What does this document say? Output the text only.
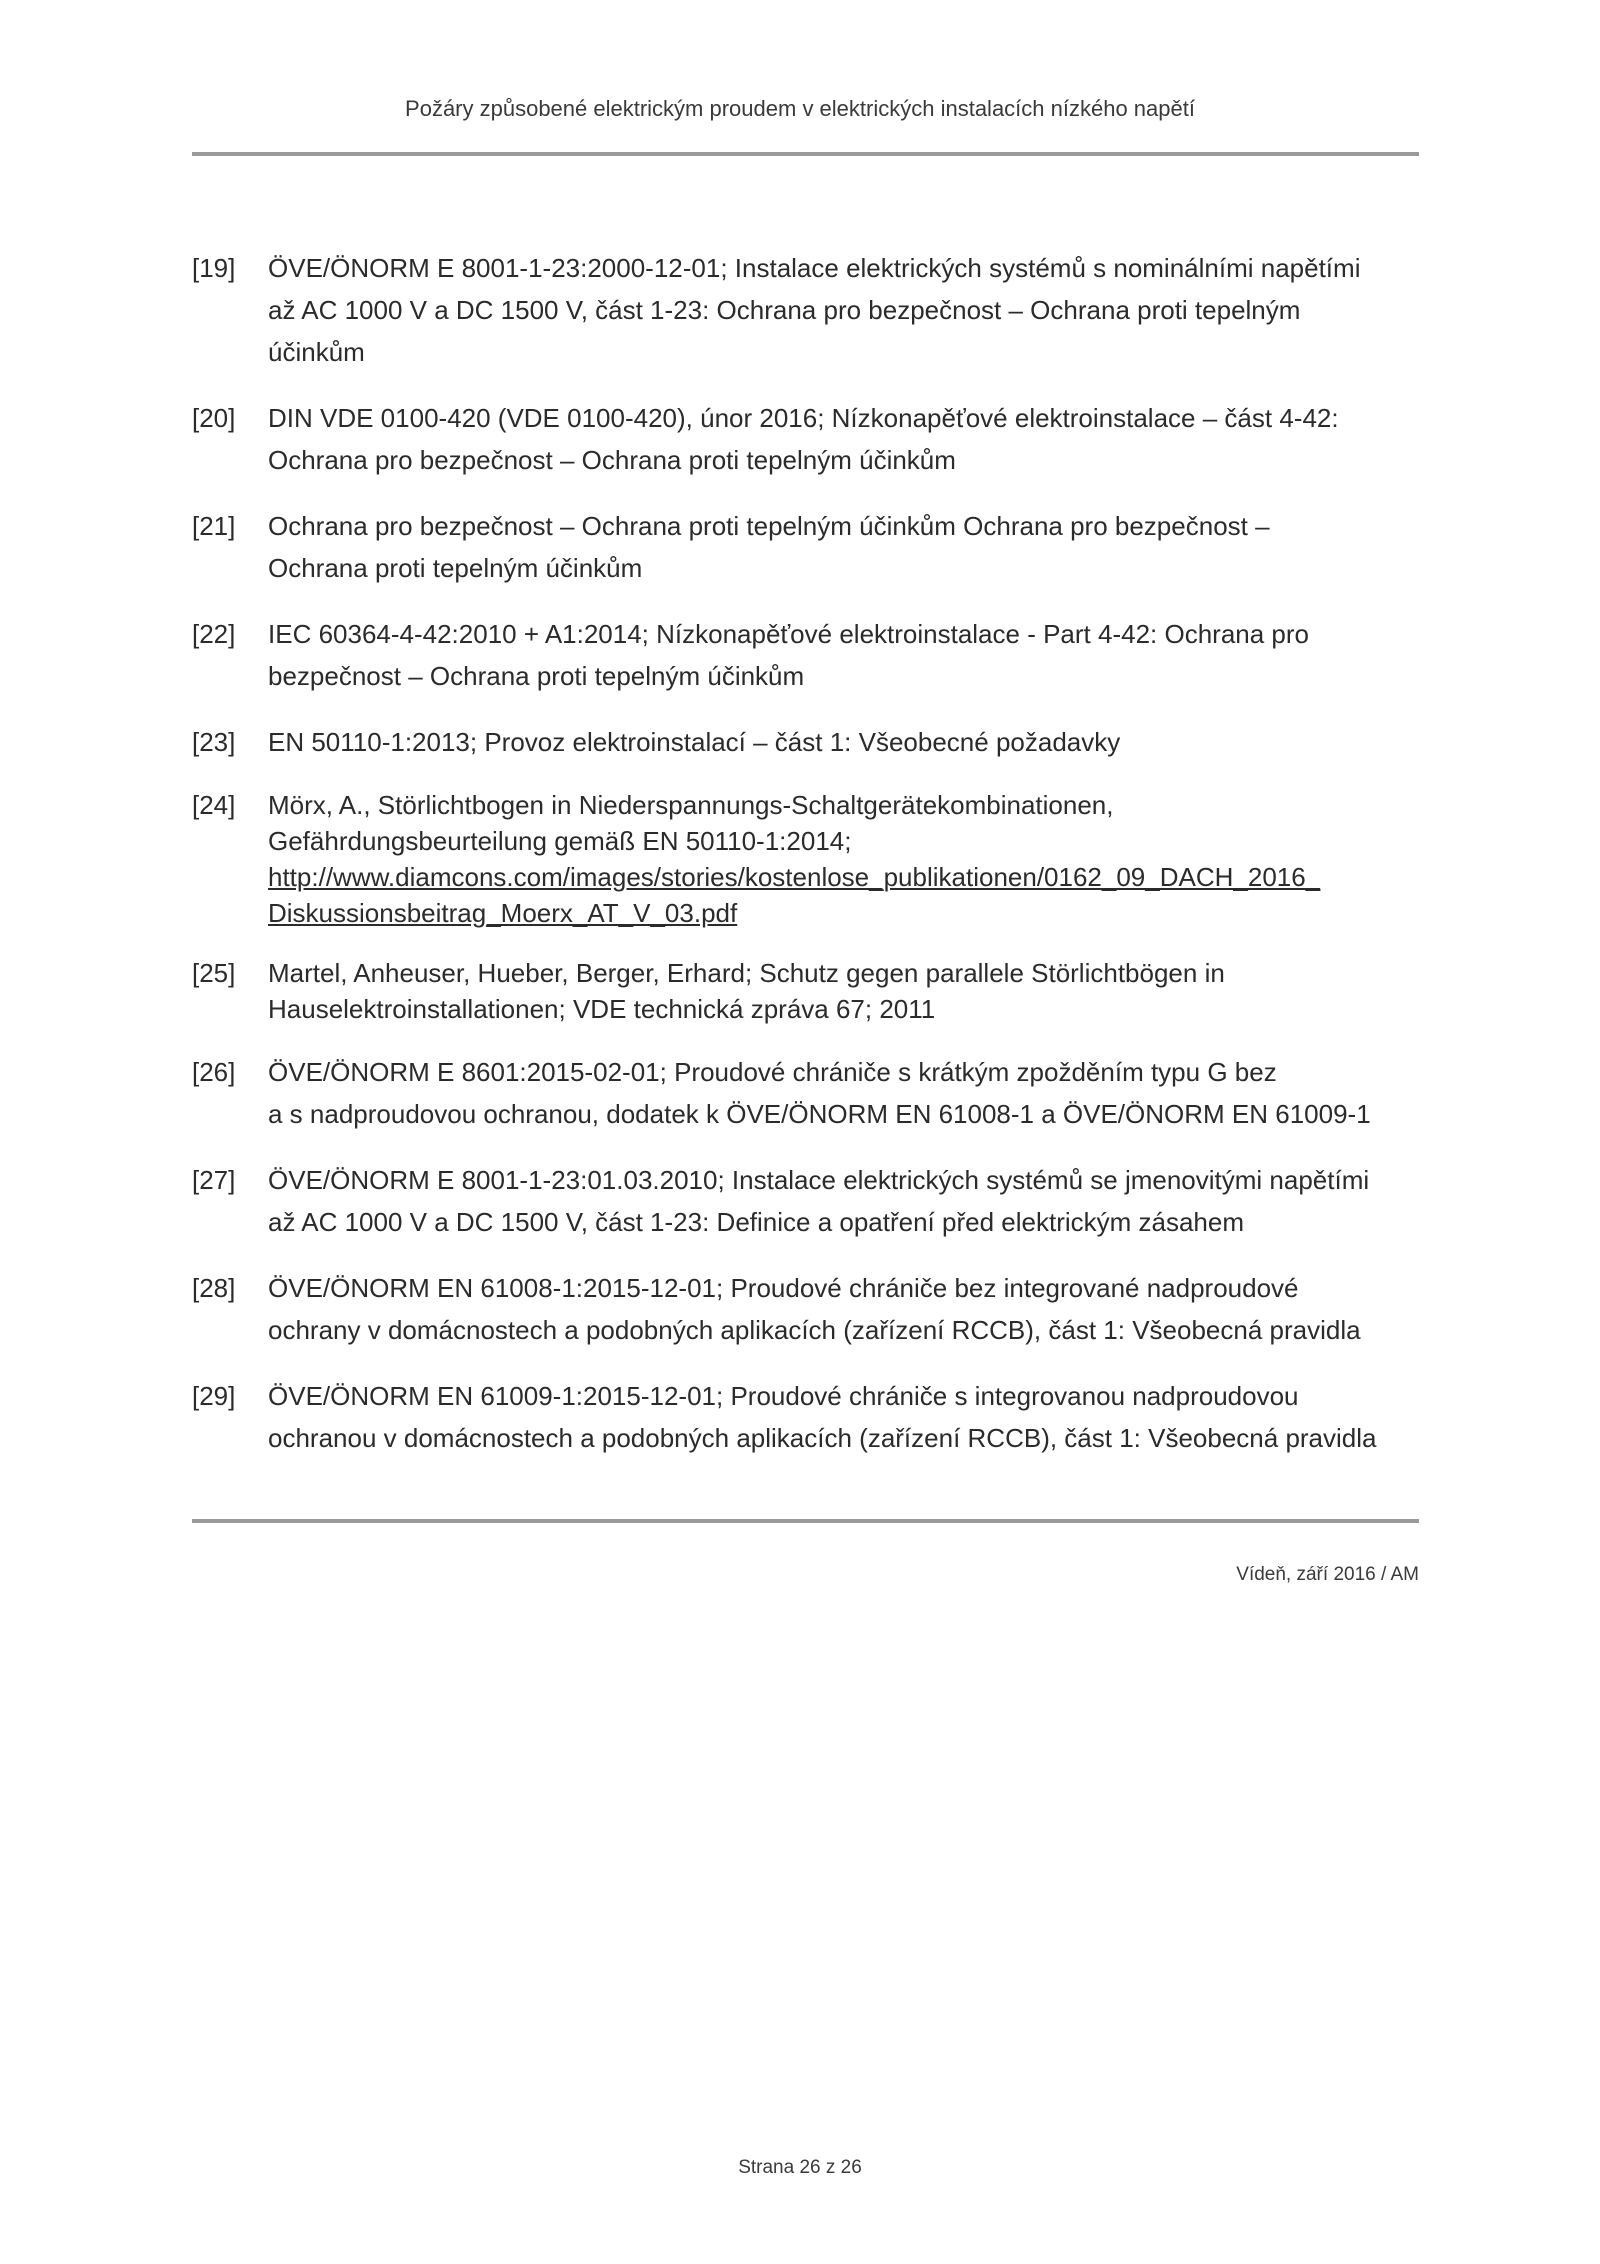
Požáry způsobené elektrickým proudem v elektrických instalacích nízkého napětí
[19]	ÖVE/ÖNORM E 8001-1-23:2000-12-01; Instalace elektrických systémů s nominálními napětími
až AC 1000 V a DC 1500 V, část 1-23: Ochrana pro bezpečnost – Ochrana proti tepelným
účinkům
[20]	DIN VDE 0100-420 (VDE 0100-420), únor 2016; Nízkonapěťové elektroinstalace – část 4-42:
Ochrana pro bezpečnost – Ochrana proti tepelným účinkům
[21]	Ochrana pro bezpečnost – Ochrana proti tepelným účinkům Ochrana pro bezpečnost –
Ochrana proti tepelným účinkům
[22]	IEC 60364-4-42:2010 + A1:2014; Nízkonapěťové elektroinstalace - Part 4-42: Ochrana pro
bezpečnost – Ochrana proti tepelným účinkům
[23]	EN 50110-1:2013; Provoz elektroinstalací – část 1: Všeobecné požadavky
[24]	Mörx, A., Störlichtbogen in Niederspannungs-Schaltgerätekombinationen,
Gefährdungsbeurteilung gemäß EN 50110-1:2014;
http://www.diamcons.com/images/stories/kostenlose_publikationen/0162_09_DACH_2016_
Diskussionsbeitrag_Moerx_AT_V_03.pdf
[25]	Martel, Anheuser, Hueber, Berger, Erhard; Schutz gegen parallele Störlichtbögen in
Hauselektroinstallationen; VDE technická zpráva 67; 2011
[26]	ÖVE/ÖNORM E 8601:2015-02-01; Proudové chrániče s krátkým zpožděním typu G bez
a s nadproudovou ochranou, dodatek k ÖVE/ÖNORM EN 61008-1 a ÖVE/ÖNORM EN 61009-1
[27]	ÖVE/ÖNORM E 8001-1-23:01.03.2010; Instalace elektrických systémů se jmenovitými napětími
až AC 1000 V a DC 1500 V, část 1-23: Definice a opatření před elektrickým zásahem
[28]	ÖVE/ÖNORM EN 61008-1:2015-12-01; Proudové chrániče bez integrované nadproudové
ochrany v domácnostech a podobných aplikacích (zařízení RCCB), část 1: Všeobecná pravidla
[29]	ÖVE/ÖNORM EN 61009-1:2015-12-01; Proudové chrániče s integrovanou nadproudovou
ochranou v domácnostech a podobných aplikacích (zařízení RCCB), část 1: Všeobecná pravidla
Vídeň, září 2016 / AM
Strana 26 z 26
